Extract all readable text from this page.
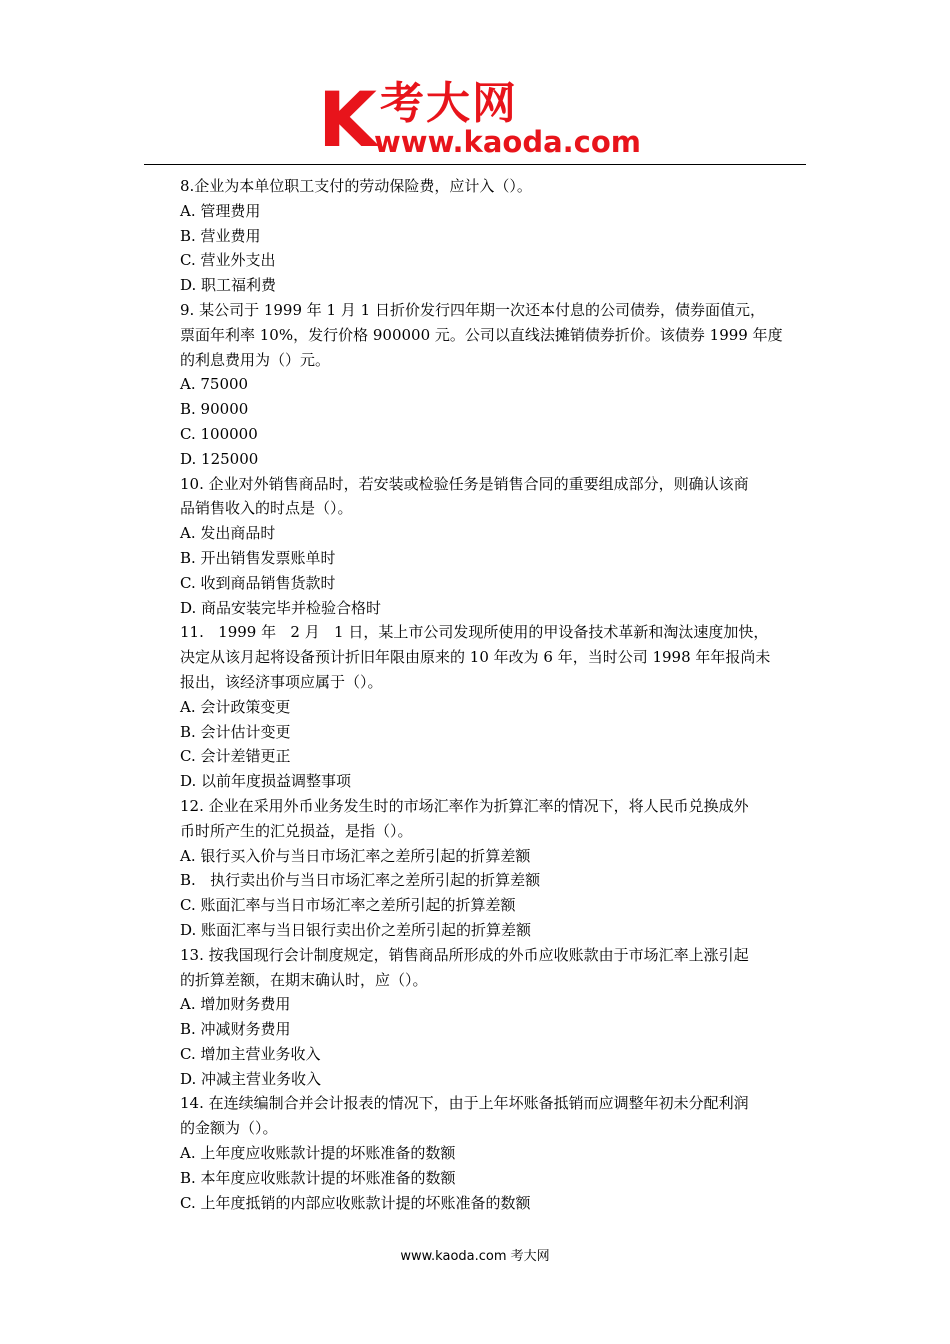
K 考大网
www.kaoda.com
8.企业为本单位职工支付的劳动保险费，应计入（）。
A. 管理费用
B. 营业费用
C. 营业外支出
D. 职工福利费
9. 某公司于 1999 年 1 月 1 日折价发行四年期一次还本付息的公司债券，债券面值元，
票面年利率 10%，发行价格 900000 元。公司以直线法摊销债券折价。该债券 1999 年度
的利息费用为（）元。
A. 75000
B. 90000
C. 100000
D. 125000
10. 企业对外销售商品时，若安装或检验任务是销售合同的重要组成部分，则确认该商
品销售收入的时点是（）。
A. 发出商品时
B. 开出销售发票账单时
C. 收到商品销售货款时
D. 商品安装完毕并检验合格时
11.   1999 年   2 月   1 日，某上市公司发现所使用的甲设备技术革新和淘汰速度加快，
决定从该月起将设备预计折旧年限由原来的 10 年改为 6 年，当时公司 1998 年年报尚未
报出，该经济事项应属于（）。
A. 会计政策变更
B. 会计估计变更
C. 会计差错更正
D. 以前年度损益调整事项
12. 企业在采用外币业务发生时的市场汇率作为折算汇率的情况下，将人民币兑换成外
币时所产生的汇兑损益，是指（）。
A. 银行买入价与当日市场汇率之差所引起的折算差额
B.   执行卖出价与当日市场汇率之差所引起的折算差额
C. 账面汇率与当日市场汇率之差所引起的折算差额
D. 账面汇率与当日银行卖出价之差所引起的折算差额
13. 按我国现行会计制度规定，销售商品所形成的外币应收账款由于市场汇率上涨引起
的折算差额，在期末确认时，应（）。
A. 增加财务费用
B. 冲减财务费用
C. 增加主营业务收入
D. 冲减主营业务收入
14. 在连续编制合并会计报表的情况下，由于上年坏账备抵销而应调整年初未分配利润
的金额为（）。
A. 上年度应收账款计提的坏账准备的数额
B. 本年度应收账款计提的坏账准备的数额
C. 上年度抵销的内部应收账款计提的坏账准备的数额
www.kaoda.com 考大网
